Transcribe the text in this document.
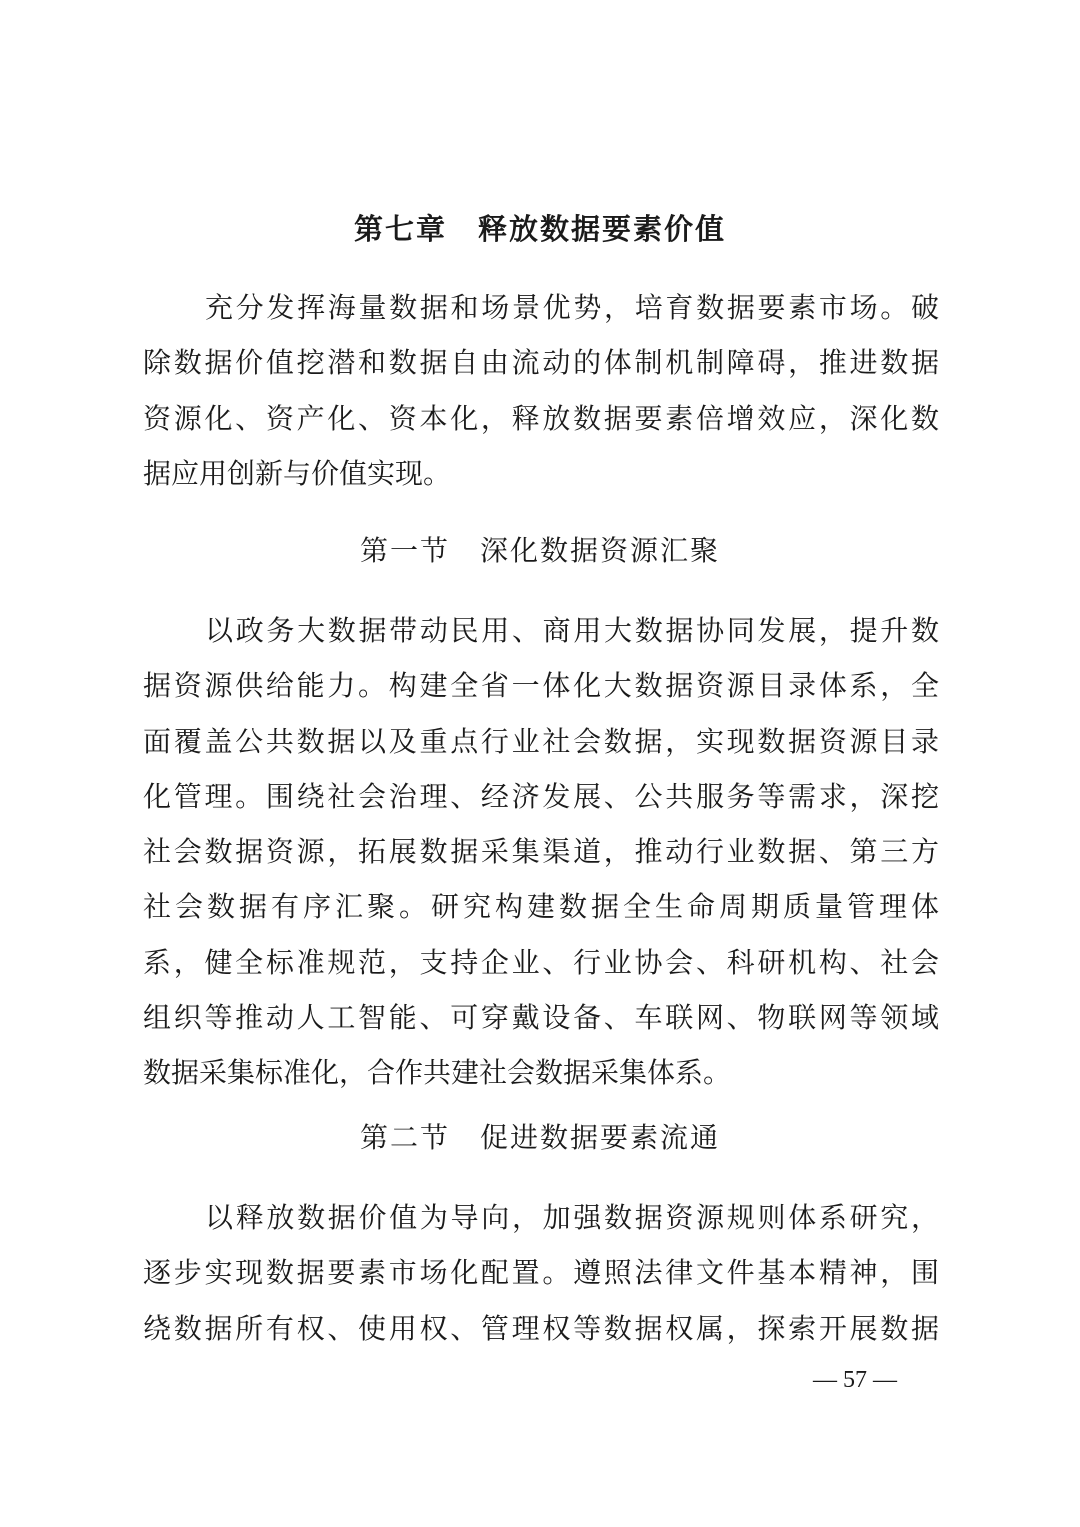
第七章　释放数据要素价值
充分发挥海量数据和场景优势，培育数据要素市场。破
除数据价值挖潜和数据自由流动的体制机制障碍，推进数据
资源化、资产化、资本化，释放数据要素倍增效应，深化数
据应用创新与价值实现。
第一节　深化数据资源汇聚
以政务大数据带动民用、商用大数据协同发展，提升数
据资源供给能力。构建全省一体化大数据资源目录体系，全
面覆盖公共数据以及重点行业社会数据，实现数据资源目录
化管理。围绕社会治理、经济发展、公共服务等需求，深挖
社会数据资源，拓展数据采集渠道，推动行业数据、第三方
社会数据有序汇聚。研究构建数据全生命周期质量管理体
系，健全标准规范，支持企业、行业协会、科研机构、社会
组织等推动人工智能、可穿戴设备、车联网、物联网等领域
数据采集标准化，合作共建社会数据采集体系。
第二节　促进数据要素流通
以释放数据价值为导向，加强数据资源规则体系研究，
逐步实现数据要素市场化配置。遵照法律文件基本精神，围
绕数据所有权、使用权、管理权等数据权属，探索开展数据
— 57 —
